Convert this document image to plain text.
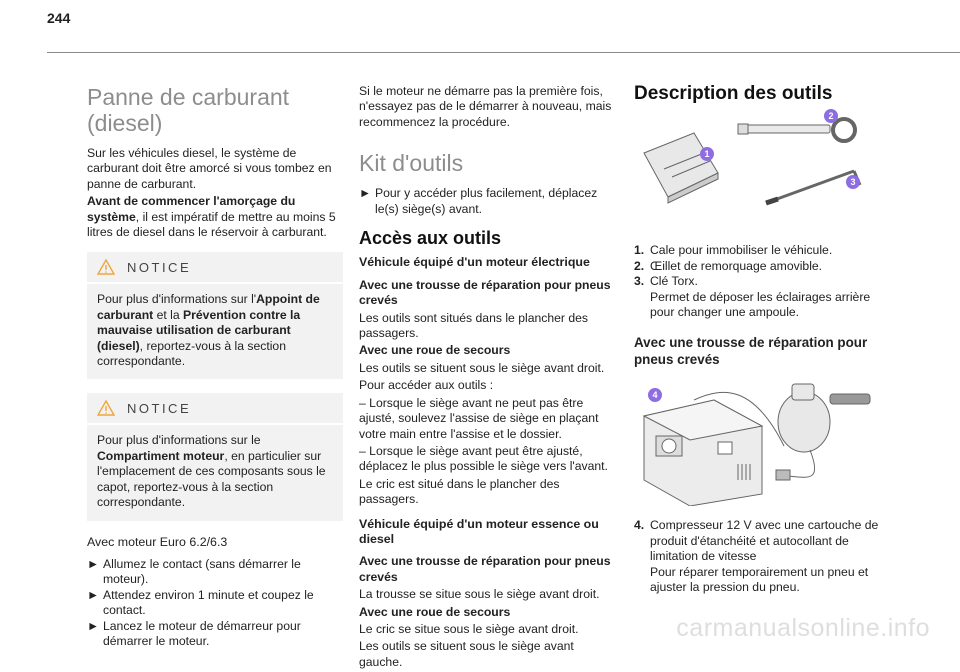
244
Panne de carburant (diesel)

Sur les véhicules diesel, le système de carburant doit être amorcé si vous tombez en panne de carburant.

Avant de commencer l'amorçage du système, il est impératif de mettre au moins 5 litres de diesel dans le réservoir à carburant.

NOTICE

Pour plus d'informations sur l'Appoint de carburant et la Prévention contre la mauvaise utilisation de carburant (diesel), reportez-vous à la section correspondante.

NOTICE

Pour plus d'informations sur le Compartiment moteur, en particulier sur l'emplacement de ces composants sous le capot, reportez-vous à la section correspondante.

Avec moteur Euro 6.2/6.3
► Allumez le contact (sans démarrer le moteur).
► Attendez environ 1 minute et coupez le contact.
► Lancez le moteur de démarreur pour démarrer le moteur.

Si le moteur ne démarre pas la première fois, n'essayez pas de le démarrer à nouveau, mais recommencez la procédure.

Kit d'outils
► Pour y accéder plus facilement, déplacez le(s) siège(s) avant.
Accès aux outils
Véhicule équipé d'un moteur électrique

Avec une trousse de réparation pour pneus crevés

Les outils sont situés dans le plancher des passagers.

Avec une roue de secours

Les outils se situent sous le siège avant droit.

Pour accéder aux outils :

– Lorsque le siège avant ne peut pas être ajusté, soulevez l'assise de siège en plaçant votre main entre l'assise et le dossier.

– Lorsque le siège avant peut être ajusté, déplacez le plus possible le siège vers l'avant.

Le cric est situé dans le plancher des passagers.

Véhicule équipé d'un moteur essence ou diesel

Avec une trousse de réparation pour pneus crevés

La trousse se situe sous le siège avant droit.

Avec une roue de secours

Le cric se situe sous le siège avant droit.

Les outils se situent sous le siège avant gauche.

Description des outils
1
2
3
1. Cale pour immobiliser le véhicule.
2. Œillet de remorquage amovible.
3. Clé Torx.
Permet de déposer les éclairages arrière pour changer une ampoule.
Avec une trousse de réparation pour pneus crevés
4
4. Compresseur 12 V avec une cartouche de produit d'étanchéité et autocollant de limitation de vitesse
Pour réparer temporairement un pneu et ajuster la pression du pneu.
carmanualsonline.info
